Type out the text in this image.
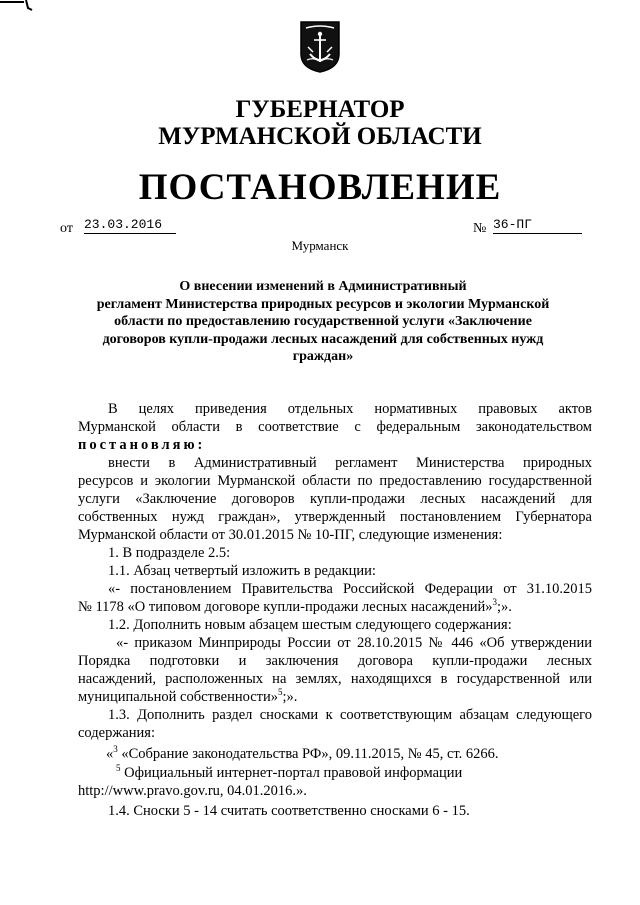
ГУБЕРНАТОР
МУРМАНСКОЙ ОБЛАСТИ
ПОСТАНОВЛЕНИЕ
от 23.03.2016	№ 36-ПГ
Мурманск
О внесении изменений в Административный
регламент Министерства природных ресурсов и экологии Мурманской
области по предоставлению государственной услуги «Заключение
договоров купли-продажи лесных насаждений для собственных нужд
граждан»
В целях приведения отдельных нормативных правовых актов
Мурманской области в соответствие с федеральным законодательством
постановляю:
внести в Административный регламент Министерства природных
ресурсов и экологии Мурманской области по предоставлению государственной
услуги «Заключение договоров купли-продажи лесных насаждений для
собственных нужд граждан», утвержденный постановлением Губернатора
Мурманской области от 30.01.2015 № 10-ПГ, следующие изменения:
1. В подразделе 2.5:
1.1. Абзац четвертый изложить в редакции:
«- постановлением Правительства Российской Федерации от 31.10.2015
№ 1178 «О типовом договоре купли-продажи лесных насаждений»$^3$;».
1.2. Дополнить новым абзацем шестым следующего содержания:
«- приказом Минприроды России от 28.10.2015 № 446 «Об утверждении
Порядка подготовки и заключения договора купли-продажи лесных
насаждений, расположенных на землях, находящихся в государственной или
муниципальной собственности»$^5$;».
1.3. Дополнить раздел сносками к соответствующим абзацам следующего
содержания:
«$^3$ «Собрание законодательства РФ», 09.11.2015, № 45, ст. 6266.
$^5$ Официальный интернет-портал правовой информации
http://www.pravo.gov.ru, 04.01.2016.».
1.4. Сноски 5 - 14 считать соответственно сносками 6 - 15.
